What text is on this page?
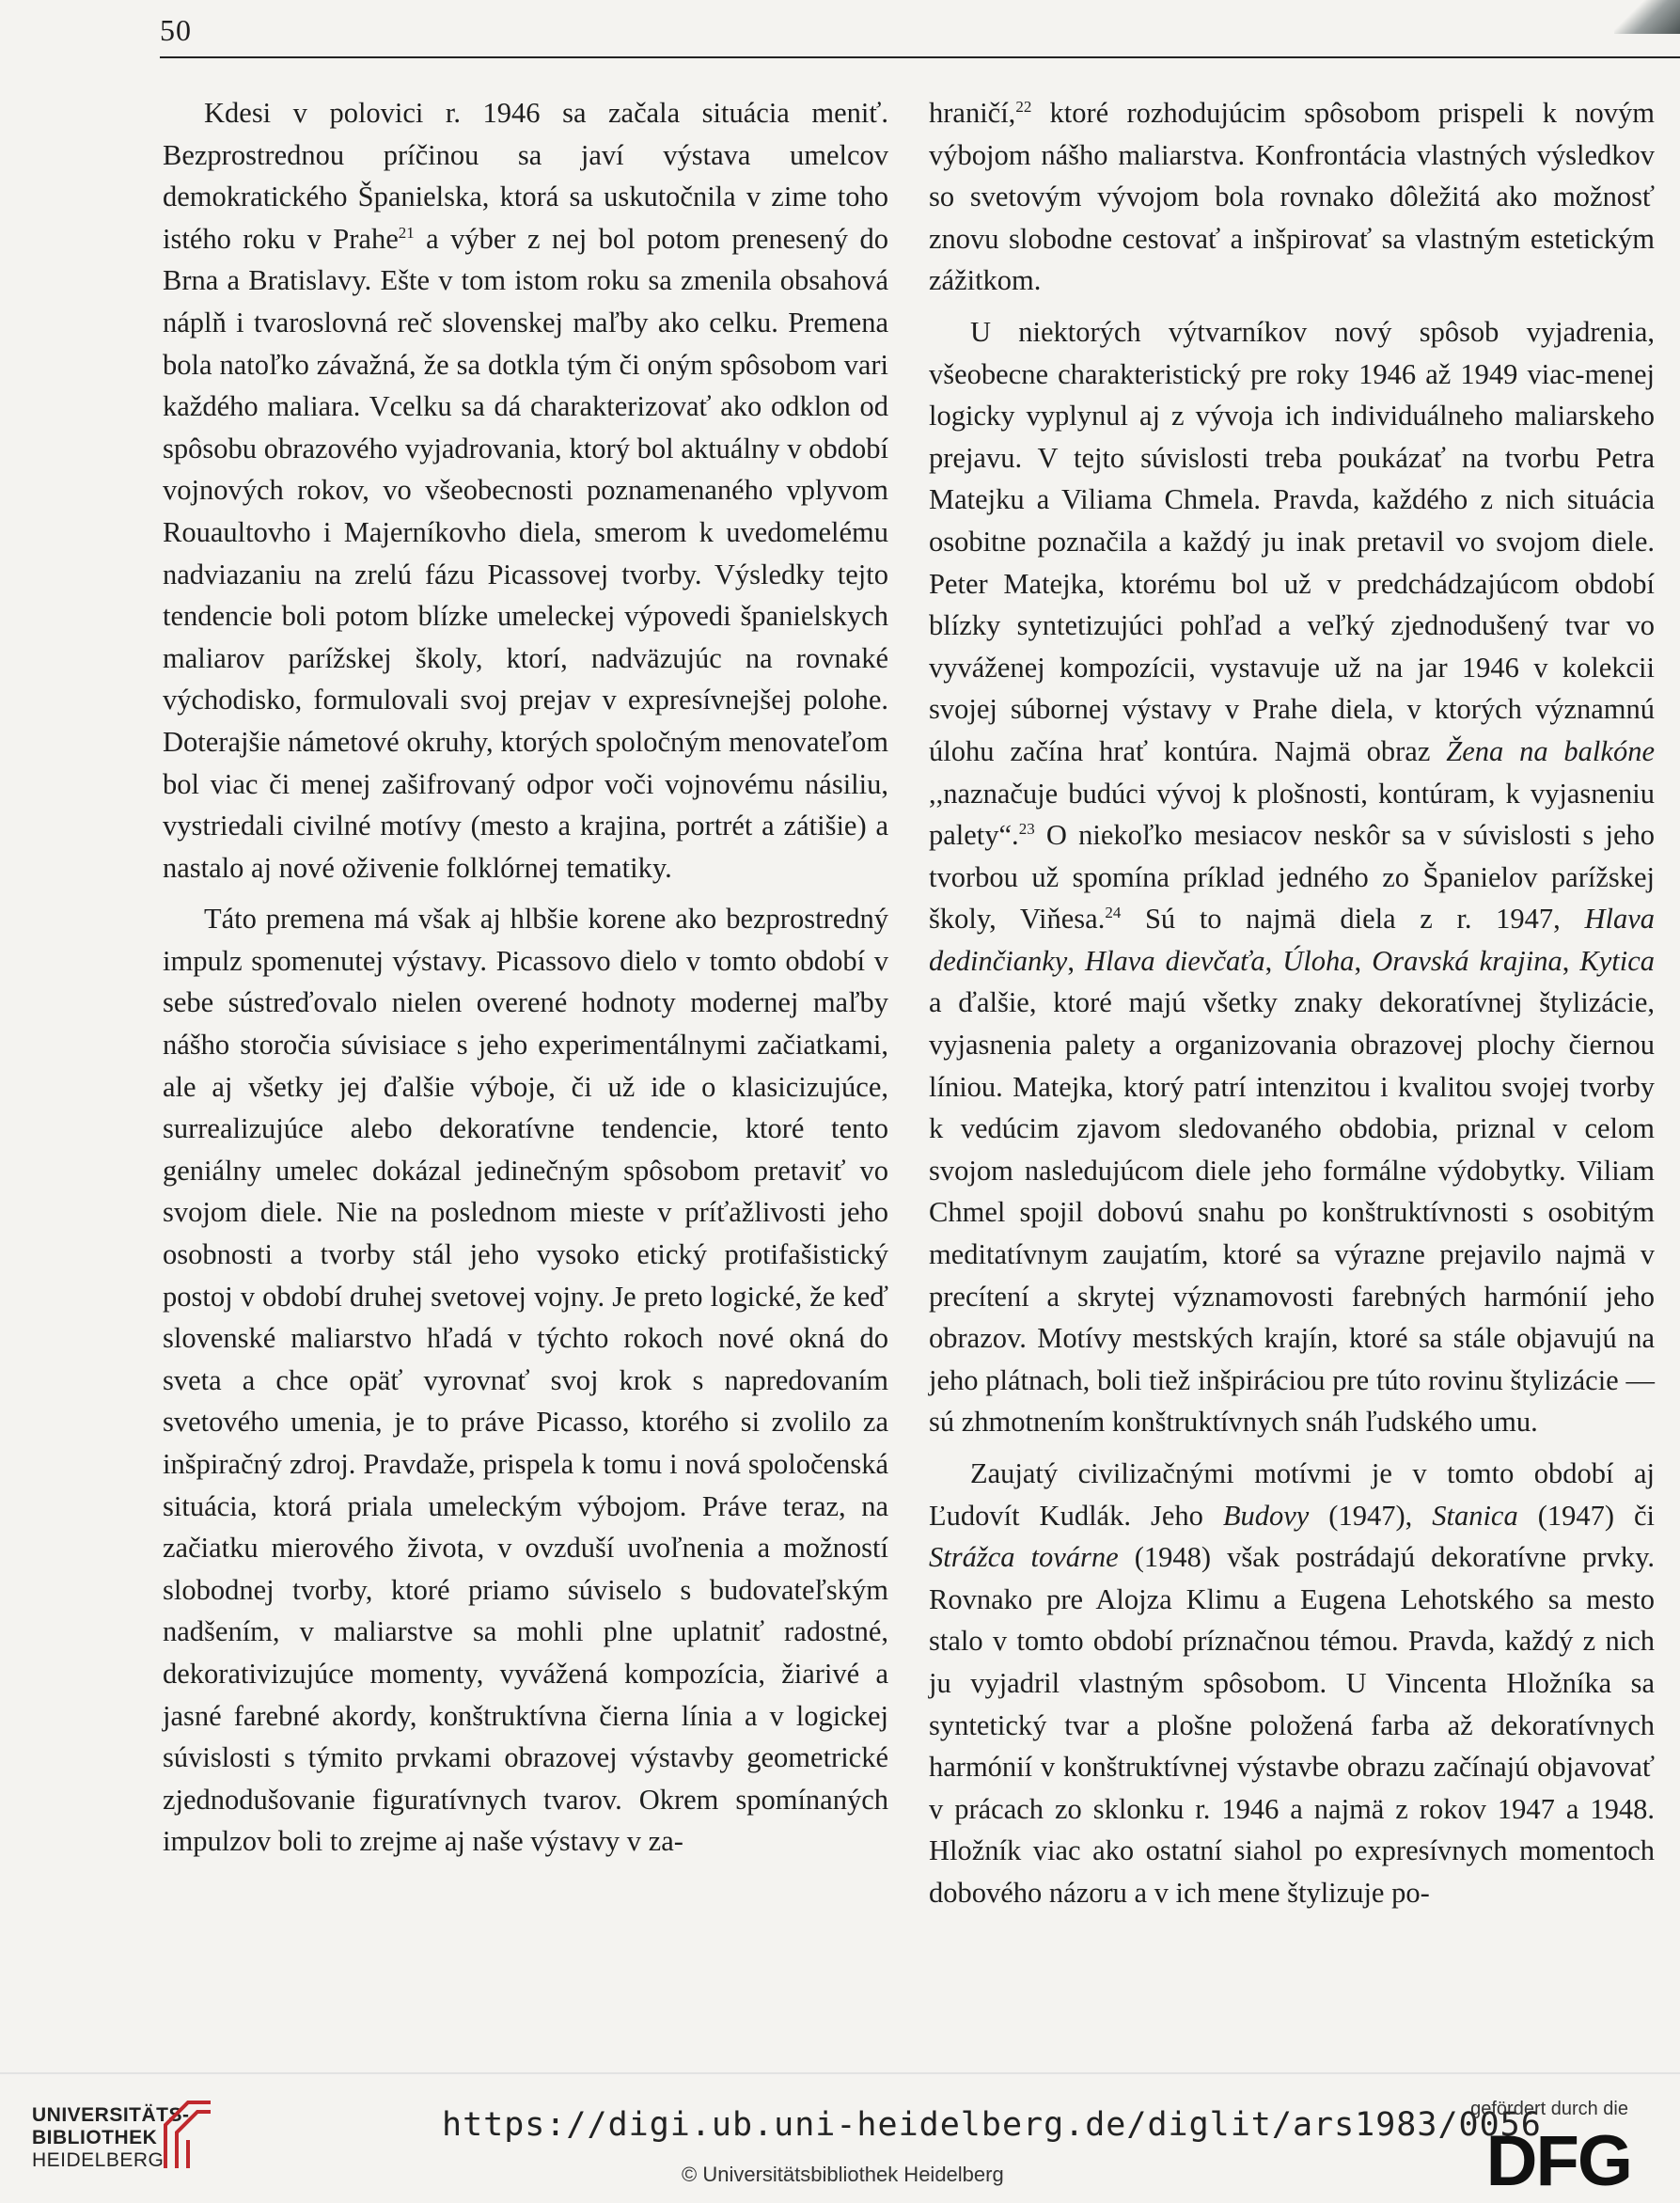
50

Kdesi v polovici r. 1946 sa začala situácia meniť. Bezprostrednou príčinou sa javí výstava umelcov demokratického Španielska, ktorá sa uskutočnila v zime toho istého roku v Prahe$^{21}$ a výber z nej bol potom prenesený do Brna a Bratislavy. Ešte v tom istom roku sa zmenila obsahová náplň i tvaroslovná reč slovenskej maľby ako celku. Premena bola natoľko závažná, že sa dotkla tým či oným spôsobom vari každého maliara. Vcelku sa dá charakterizovať ako odklon od spôsobu obrazového vyjadrovania, ktorý bol aktuálny v období vojnových rokov, vo všeobecnosti poznamenaného vplyvom Rouaultovho i Majerníkovho diela, smerom k uvedomelému nadviazaniu na zrelú fázu Picassovej tvorby. Výsledky tejto tendencie boli potom blízke umeleckej výpovedi španielskych maliarov parížskej školy, ktorí, nadväzujúc na rovnaké východisko, formulovali svoj prejav v expresívnejšej polohe. Doterajšie námetové okruhy, ktorých spoločným menovateľom bol viac či menej zašifrovaný odpor voči vojnovému násiliu, vystriedali civilné motívy (mesto a krajina, portrét a zátišie) a nastalo aj nové oživenie folklórnej tematiky.

Táto premena má však aj hlbšie korene ako bezprostredný impulz spomenutej výstavy. Picassovo dielo v tomto období v sebe sústreďovalo nielen overené hodnoty modernej maľby nášho storočia súvisiace s jeho experimentálnymi začiatkami, ale aj všetky jej ďalšie výboje, či už ide o klasicizujúce, surrealizujúce alebo dekoratívne tendencie, ktoré tento geniálny umelec dokázal jedinečným spôsobom pretaviť vo svojom diele. Nie na poslednom mieste v príťažlivosti jeho osobnosti a tvorby stál jeho vysoko etický protifašistický postoj v období druhej svetovej vojny. Je preto logické, že keď slovenské maliarstvo hľadá v týchto rokoch nové okná do sveta a chce opäť vyrovnať svoj krok s napredovaním svetového umenia, je to práve Picasso, ktorého si zvolilo za inšpiračný zdroj. Pravdaže, prispela k tomu i nová spoločenská situácia, ktorá priala umeleckým výbojom. Práve teraz, na začiatku mierového života, v ovzduší uvoľnenia a možností slobodnej tvorby, ktoré priamo súviselo s budovateľským nadšením, v maliarstve sa mohli plne uplatniť radostné, dekorativizujúce momenty, vyvážená kompozícia, žiarivé a jasné farebné akordy, konštruktívna čierna línia a v logickej súvislosti s týmito prvkami obrazovej výstavby geometrické zjednodušovanie figuratívnych tvarov. Okrem spomínaných impulzov boli to zrejme aj naše výstavy v za-

hraničí,$^{22}$ ktoré rozhodujúcim spôsobom prispeli k novým výbojom nášho maliarstva. Konfrontácia vlastných výsledkov so svetovým vývojom bola rovnako dôležitá ako možnosť znovu slobodne cestovať a inšpirovať sa vlastným estetickým zážitkom.

U niektorých výtvarníkov nový spôsob vyjadrenia, všeobecne charakteristický pre roky 1946 až 1949 viac-menej logicky vyplynul aj z vývoja ich individuálneho maliarskeho prejavu. V tejto súvislosti treba poukázať na tvorbu Petra Matejku a Viliama Chmela. Pravda, každého z nich situácia osobitne poznačila a každý ju inak pretavil vo svojom diele. Peter Matejka, ktorému bol už v predchádzajúcom období blízky syntetizujúci pohľad a veľký zjednodušený tvar vo vyváženej kompozícii, vystavuje už na jar 1946 v kolekcii svojej súbornej výstavy v Prahe diela, v ktorých významnú úlohu začína hrať kontúra. Najmä obraz Žena na balkóne ,,naznačuje budúci vývoj k plošnosti, kontúram, k vyjasneniu palety“.$^{23}$ O niekoľko mesiacov neskôr sa v súvislosti s jeho tvorbou už spomína príklad jedného zo Španielov parížskej školy, Viňesa.$^{24}$ Sú to najmä diela z r. 1947, Hlava dedinčianky, Hlava dievčaťa, Úloha, Oravská krajina, Kytica a ďalšie, ktoré majú všetky znaky dekoratívnej štylizácie, vyjasnenia palety a organizovania obrazovej plochy čiernou líniou. Matejka, ktorý patrí intenzitou i kvalitou svojej tvorby k vedúcim zjavom sledovaného obdobia, priznal v celom svojom nasledujúcom diele jeho formálne výdobytky. Viliam Chmel spojil dobovú snahu po konštruktívnosti s osobitým meditatívnym zaujatím, ktoré sa výrazne prejavilo najmä v precítení a skrytej významovosti farebných harmónií jeho obrazov. Motívy mestských krajín, ktoré sa stále objavujú na jeho plátnach, boli tiež inšpiráciou pre túto rovinu štylizácie — sú zhmotnením konštruktívnych snáh ľudského umu.

Zaujatý civilizačnými motívmi je v tomto období aj Ľudovít Kudlák. Jeho Budovy (1947), Stanica (1947) či Strážca továrne (1948) však postrádajú dekoratívne prvky. Rovnako pre Alojza Klimu a Eugena Lehotského sa mesto stalo v tomto období príznačnou témou. Pravda, každý z nich ju vyjadril vlastným spôsobom. U Vincenta Hložníka sa syntetický tvar a plošne položená farba až dekoratívnych harmónií v konštruktívnej výstavbe obrazu začínajú objavovať v prácach zo sklonku r. 1946 a najmä z rokov 1947 a 1948. Hložník viac ako ostatní siahol po expresívnych momentoch dobového názoru a v ich mene štylizuje po-

UNIVERSITÄTS-
BIBLIOTHEK
HEIDELBERG
https://digi.ub.uni-heidelberg.de/diglit/ars1983/0056
© Universitätsbibliothek Heidelberg
gefördert durch die
DFG
